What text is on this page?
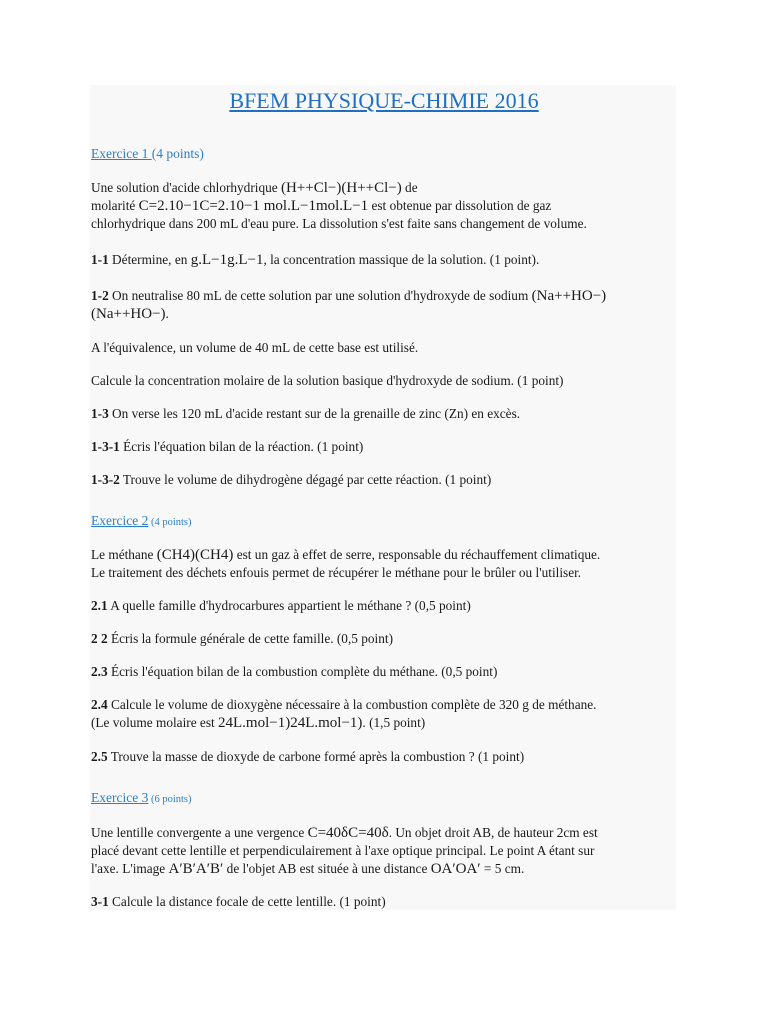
BFEM PHYSIQUE-CHIMIE 2016
Exercice 1 (4 points)
Une solution d'acide chlorhydrique (H++Cl−)(H++Cl−) de
molarité C=2.10−1C=2.10−1 mol.L−1mol.L−1 est obtenue par dissolution de gaz
chlorhydrique dans 200 mL d'eau pure. La dissolution s'est faite sans changement de volume.
1-1 Détermine, en g.L−1g.L−1, la concentration massique de la solution. (1 point).
1-2 On neutralise 80 mL de cette solution par une solution d'hydroxyde de sodium (Na++HO−)
(Na++HO−).
A l'équivalence, un volume de 40 mL de cette base est utilisé.
Calcule la concentration molaire de la solution basique d'hydroxyde de sodium. (1 point)
1-3 On verse les 120 mL d'acide restant sur de la grenaille de zinc (Zn) en excès.
1-3-1 Écris l'équation bilan de la réaction. (1 point)
1-3-2 Trouve le volume de dihydrogène dégagé par cette réaction. (1 point)
Exercice 2 (4 points)
Le méthane (CH4)(CH4) est un gaz à effet de serre, responsable du réchauffement climatique.
Le traitement des déchets enfouis permet de récupérer le méthane pour le brûler ou l'utiliser.
2.1 A quelle famille d'hydrocarbures appartient le méthane ? (0,5 point)
2 2 Écris la formule générale de cette famille. (0,5 point)
2.3 Écris l'équation bilan de la combustion complète du méthane. (0,5 point)
2.4 Calcule le volume de dioxygène nécessaire à la combustion complète de 320 g de méthane.
(Le volume molaire est 24L.mol−1)24L.mol−1). (1,5 point)
2.5 Trouve la masse de dioxyde de carbone formé après la combustion ? (1 point)
Exercice 3 (6 points)
Une lentille convergente a une vergence C=40δC=40δ. Un objet droit AB, de hauteur 2cm est
placé devant cette lentille et perpendiculairement à l'axe optique principal. Le point A étant sur
l'axe. L'image A′B′A′B′ de l'objet AB est située à une distance OA′OA′ = 5 cm.
3-1 Calcule la distance focale de cette lentille. (1 point)
